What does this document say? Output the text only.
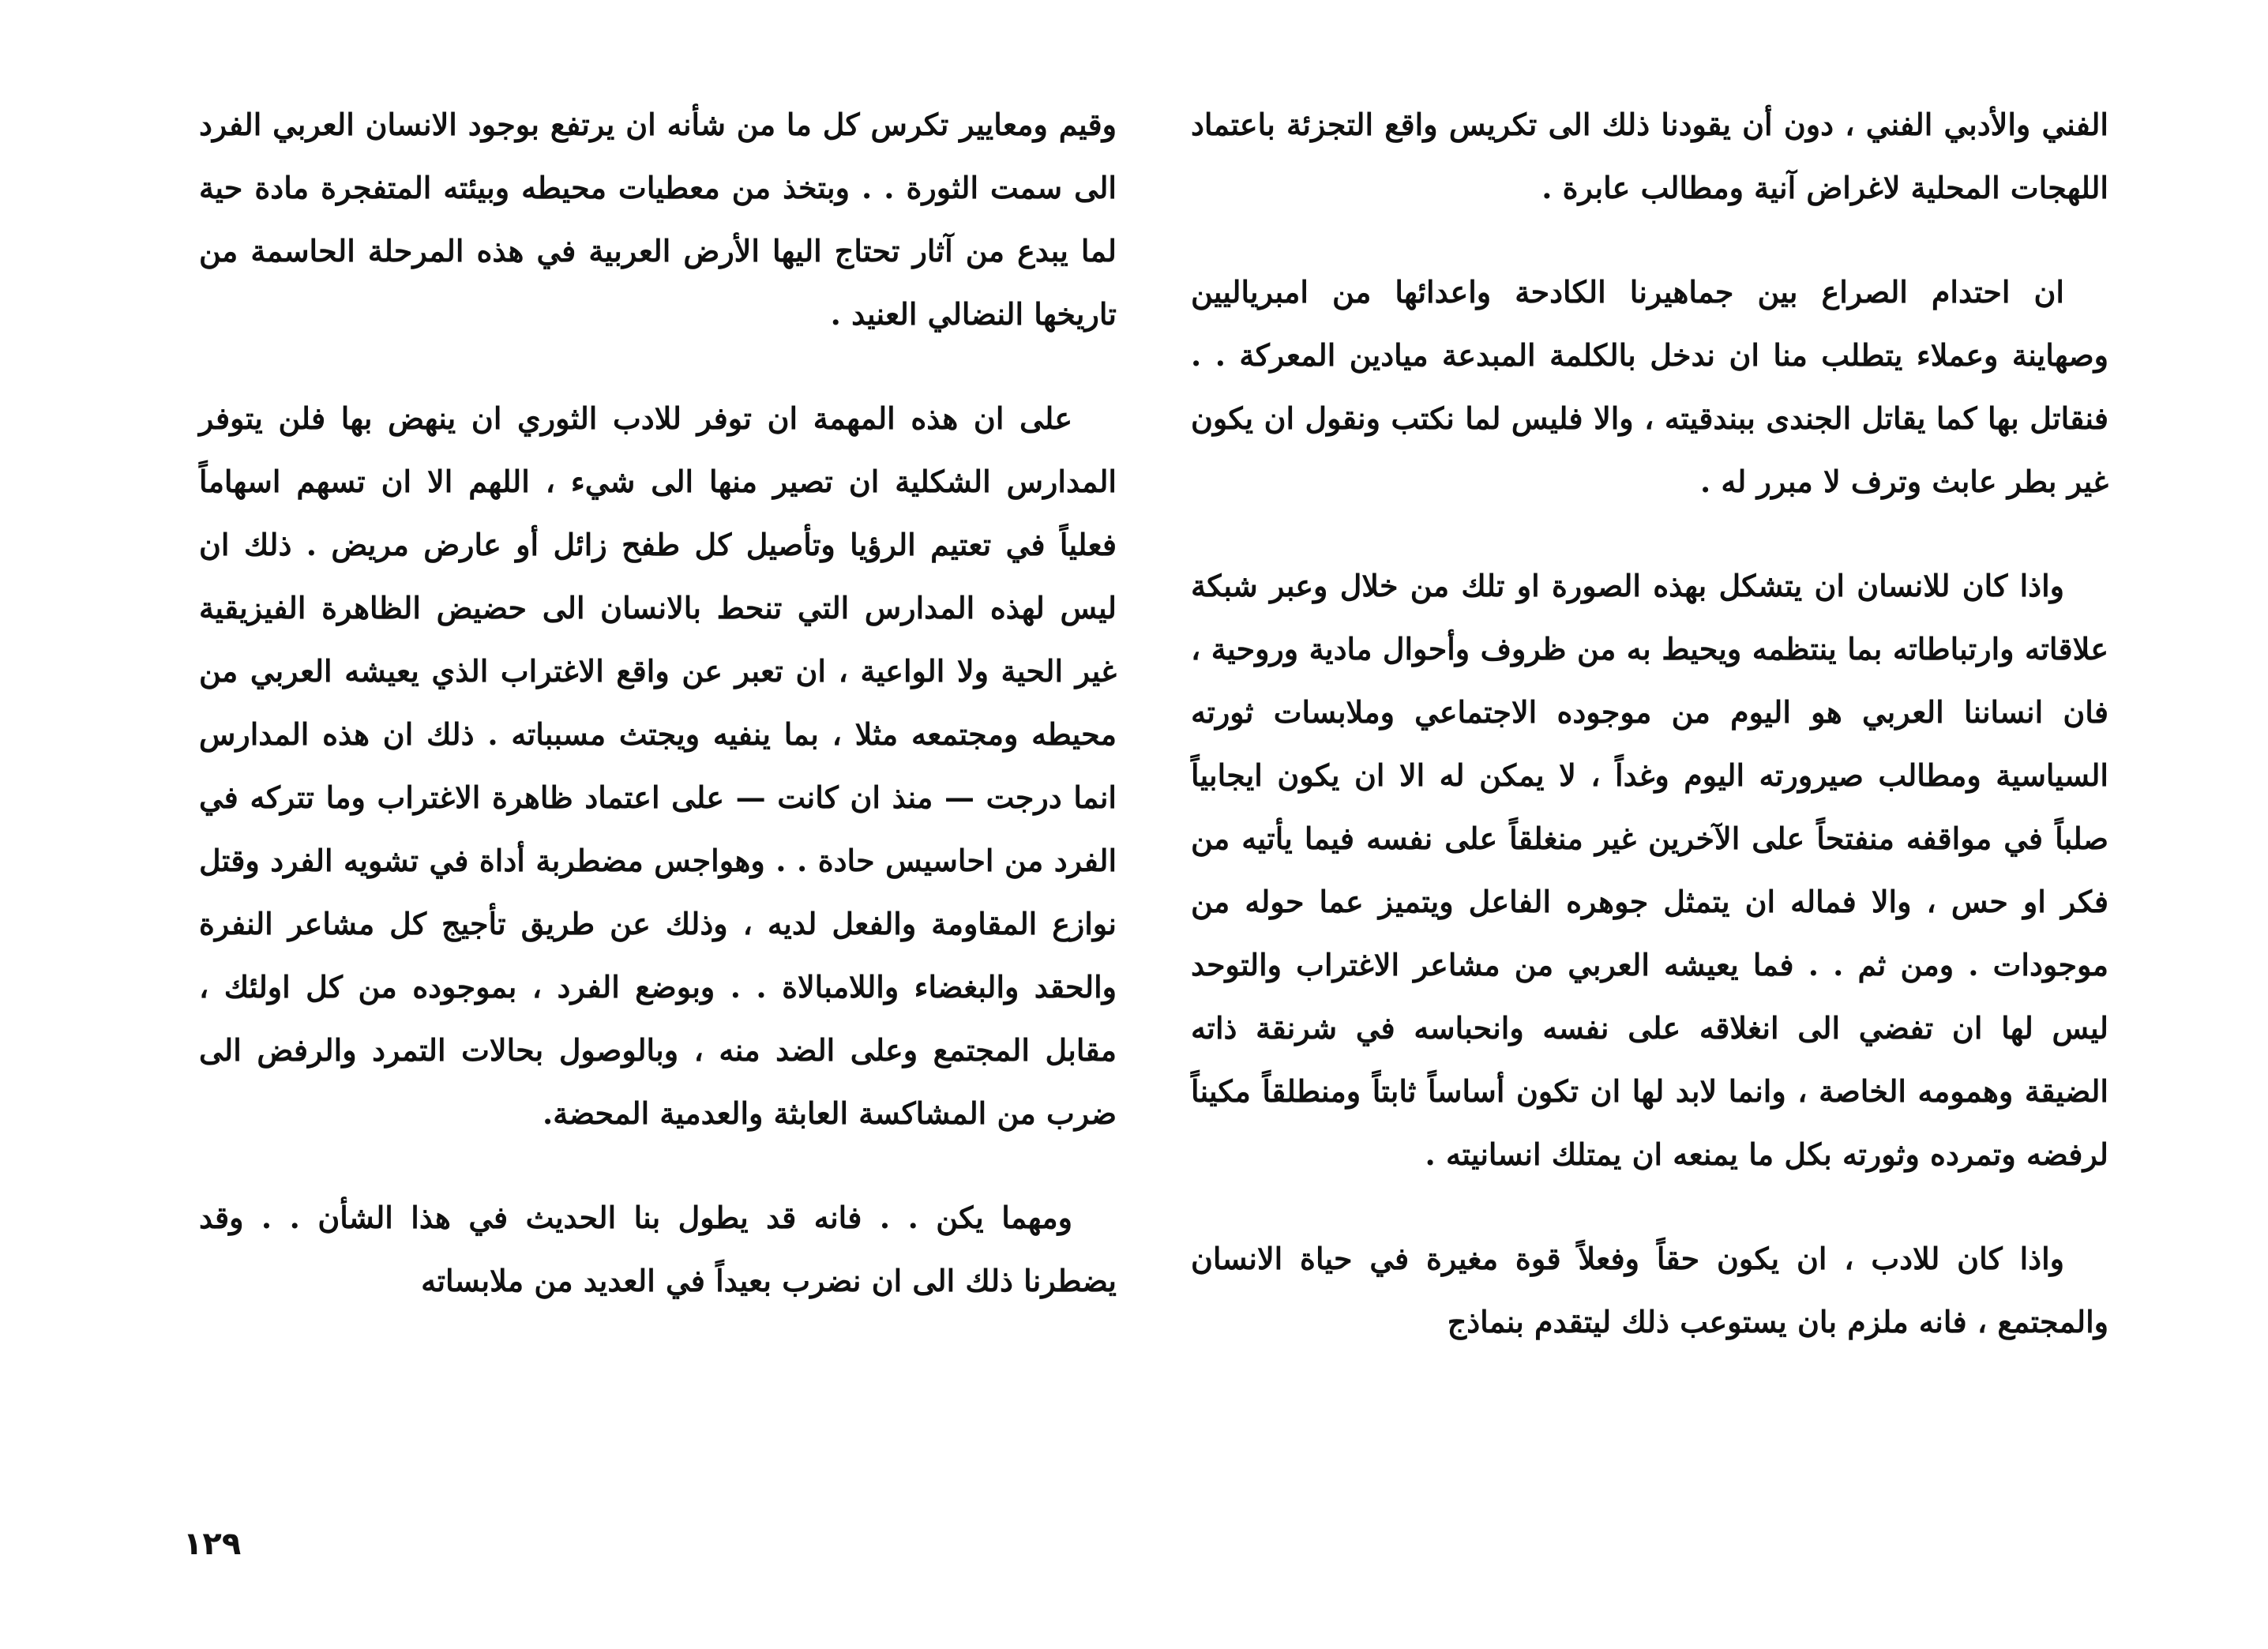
الفني والأدبي الفني ، دون أن يقودنا ذلك الى تكريس واقع التجزئة باعتماد اللهجات المحلية لاغراض آنية ومطالب عابرة .

ان احتدام الصراع بين جماهيرنا الكادحة واعدائها من امبرياليين وصهاينة وعملاء يتطلب منا ان ندخل بالكلمة المبدعة ميادين المعركة . . فنقاتل بها كما يقاتل الجندى ببندقيته ، والا فليس لما نكتب ونقول ان يكون غير بطر عابث وترف لا مبرر له .

واذا كان للانسان ان يتشكل بهذه الصورة او تلك من خلال وعبر شبكة علاقاته وارتباطاته بما ينتظمه ويحيط به من ظروف وأحوال مادية وروحية ، فان انساننا العربي هو اليوم من موجوده الاجتماعي وملابسات ثورته السياسية ومطالب صيرورته اليوم وغداً ، لا يمكن له الا ان يكون ايجابياً صلباً في مواقفه منفتحاً على الآخرين غير منغلقاً على نفسه فيما يأتيه من فكر او حس ، والا فماله ان يتمثل جوهره الفاعل ويتميز عما حوله من موجودات . ومن ثم . . فما يعيشه العربي من مشاعر الاغتراب والتوحد ليس لها ان تفضي الى انغلاقه على نفسه وانحباسه في شرنقة ذاته الضيقة وهمومه الخاصة ، وانما لابد لها ان تكون أساساً ثابتاً ومنطلقاً مكيناً لرفضه وتمرده وثورته بكل ما يمنعه ان يمتلك انسانيته .

واذا كان للادب ، ان يكون حقاً وفعلاً قوة مغيرة في حياة الانسان والمجتمع ، فانه ملزم بان يستوعب ذلك ليتقدم بنماذج

وقيم ومعايير تكرس كل ما من شأنه ان يرتفع بوجود الانسان العربي الفرد الى سمت الثورة . . وبتخذ من معطيات محيطه وبيئته المتفجرة مادة حية لما يبدع من آثار تحتاج اليها الأرض العربية في هذه المرحلة الحاسمة من تاريخها النضالي العنيد .

على ان هذه المهمة ان توفر للادب الثوري ان ينهض بها فلن يتوفر المدارس الشكلية ان تصير منها الى شيء ، اللهم الا ان تسهم اسهاماً فعلياً في تعتيم الرؤيا وتأصيل كل طفح زائل أو عارض مريض . ذلك ان ليس لهذه المدارس التي تنحط بالانسان الى حضيض الظاهرة الفيزيقية غير الحية ولا الواعية ، ان تعبر عن واقع الاغتراب الذي يعيشه العربي من محيطه ومجتمعه مثلا ، بما ينفيه ويجتث مسبباته . ذلك ان هذه المدارس انما درجت — منذ ان كانت — على اعتماد ظاهرة الاغتراب وما تتركه في الفرد من احاسيس حادة . . وهواجس مضطربة أداة في تشويه الفرد وقتل نوازع المقاومة والفعل لديه ، وذلك عن طريق تأجيج كل مشاعر النفرة والحقد والبغضاء واللامبالاة . . وبوضع الفرد ، بموجوده من كل اولئك ، مقابل المجتمع وعلى الضد منه ، وبالوصول بحالات التمرد والرفض الى ضرب من المشاكسة العابثة والعدمية المحضة.

ومهما يكن . . فانه قد يطول بنا الحديث في هذا الشأن . . وقد يضطرنا ذلك الى ان نضرب بعيداً في العديد من ملابساته

١٢٩
